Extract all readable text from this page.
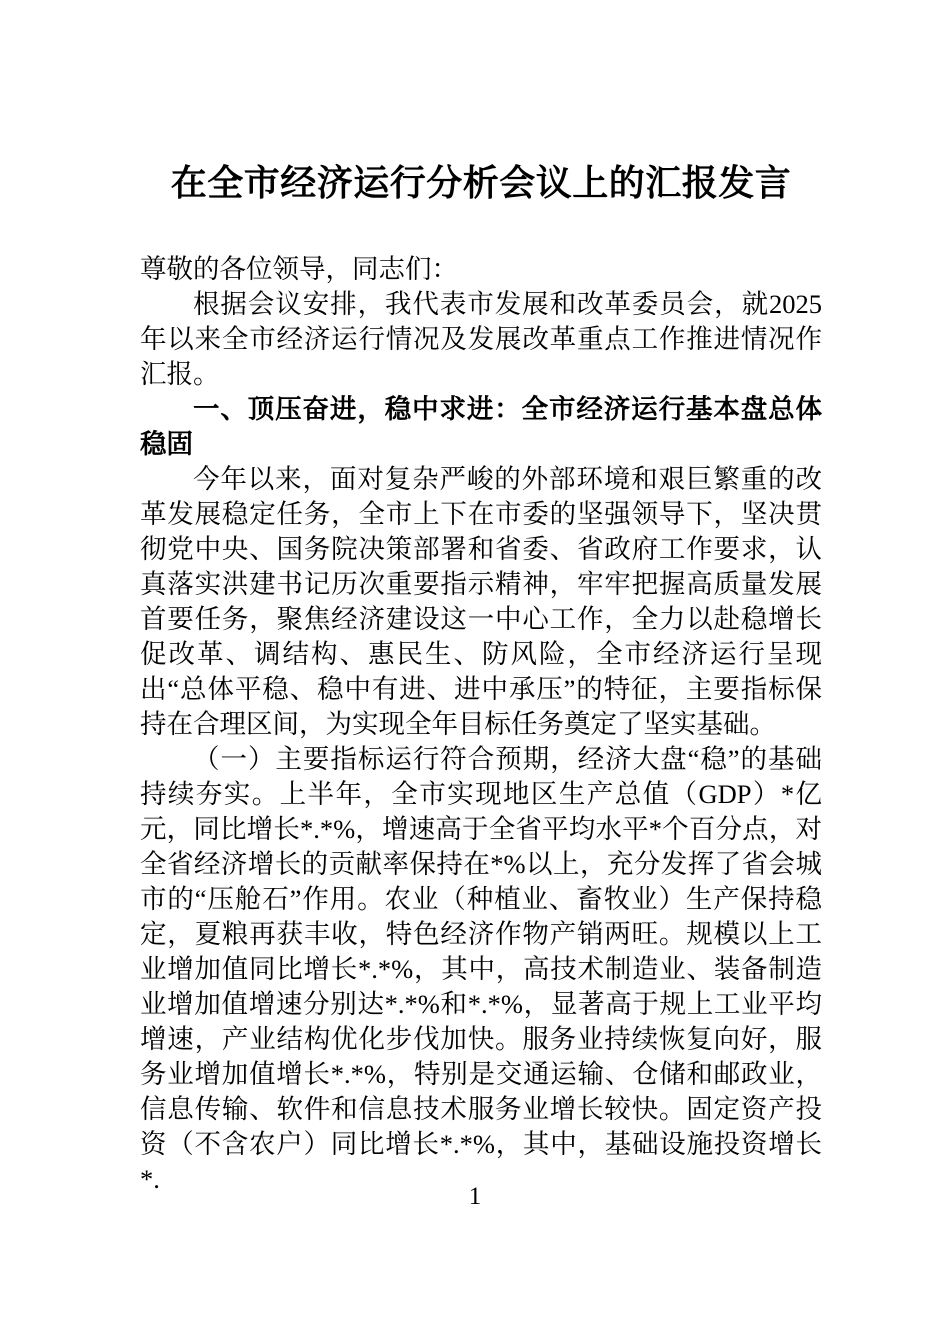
在全市经济运行分析会议上的汇报发言

尊敬的各位领导，同志们：

根据会议安排，我代表市发展和改革委员会，就2025年以来全市经济运行情况及发展改革重点工作推进情况作汇报。

一、顶压奋进，稳中求进：全市经济运行基本盘总体稳固

今年以来，面对复杂严峻的外部环境和艰巨繁重的改革发展稳定任务，全市上下在市委的坚强领导下，坚决贯彻党中央、国务院决策部署和省委、省政府工作要求，认真落实洪建书记历次重要指示精神，牢牢把握高质量发展首要任务，聚焦经济建设这一中心工作，全力以赴稳增长促改革、调结构、惠民生、防风险，全市经济运行呈现出“总体平稳、稳中有进、进中承压”的特征，主要指标保持在合理区间，为实现全年目标任务奠定了坚实基础。

（一）主要指标运行符合预期，经济大盘“稳”的基础持续夯实。上半年，全市实现地区生产总值（GDP）*亿元，同比增长*.*%，增速高于全省平均水平*个百分点，对全省经济增长的贡献率保持在*%以上，充分发挥了省会城市的“压舱石”作用。农业（种植业、畜牧业）生产保持稳定，夏粮再获丰收，特色经济作物产销两旺。规模以上工业增加值同比增长*.*%，其中，高技术制造业、装备制造业增加值增速分别达*.*%和*.*%，显著高于规上工业平均增速，产业结构优化步伐加快。服务业持续恢复向好，服务业增加值增长*.*%，特别是交通运输、仓储和邮政业，信息传输、软件和信息技术服务业增长较快。固定资产投资（不含农户）同比增长*.*%，其中，基础设施投资增长*.

1
